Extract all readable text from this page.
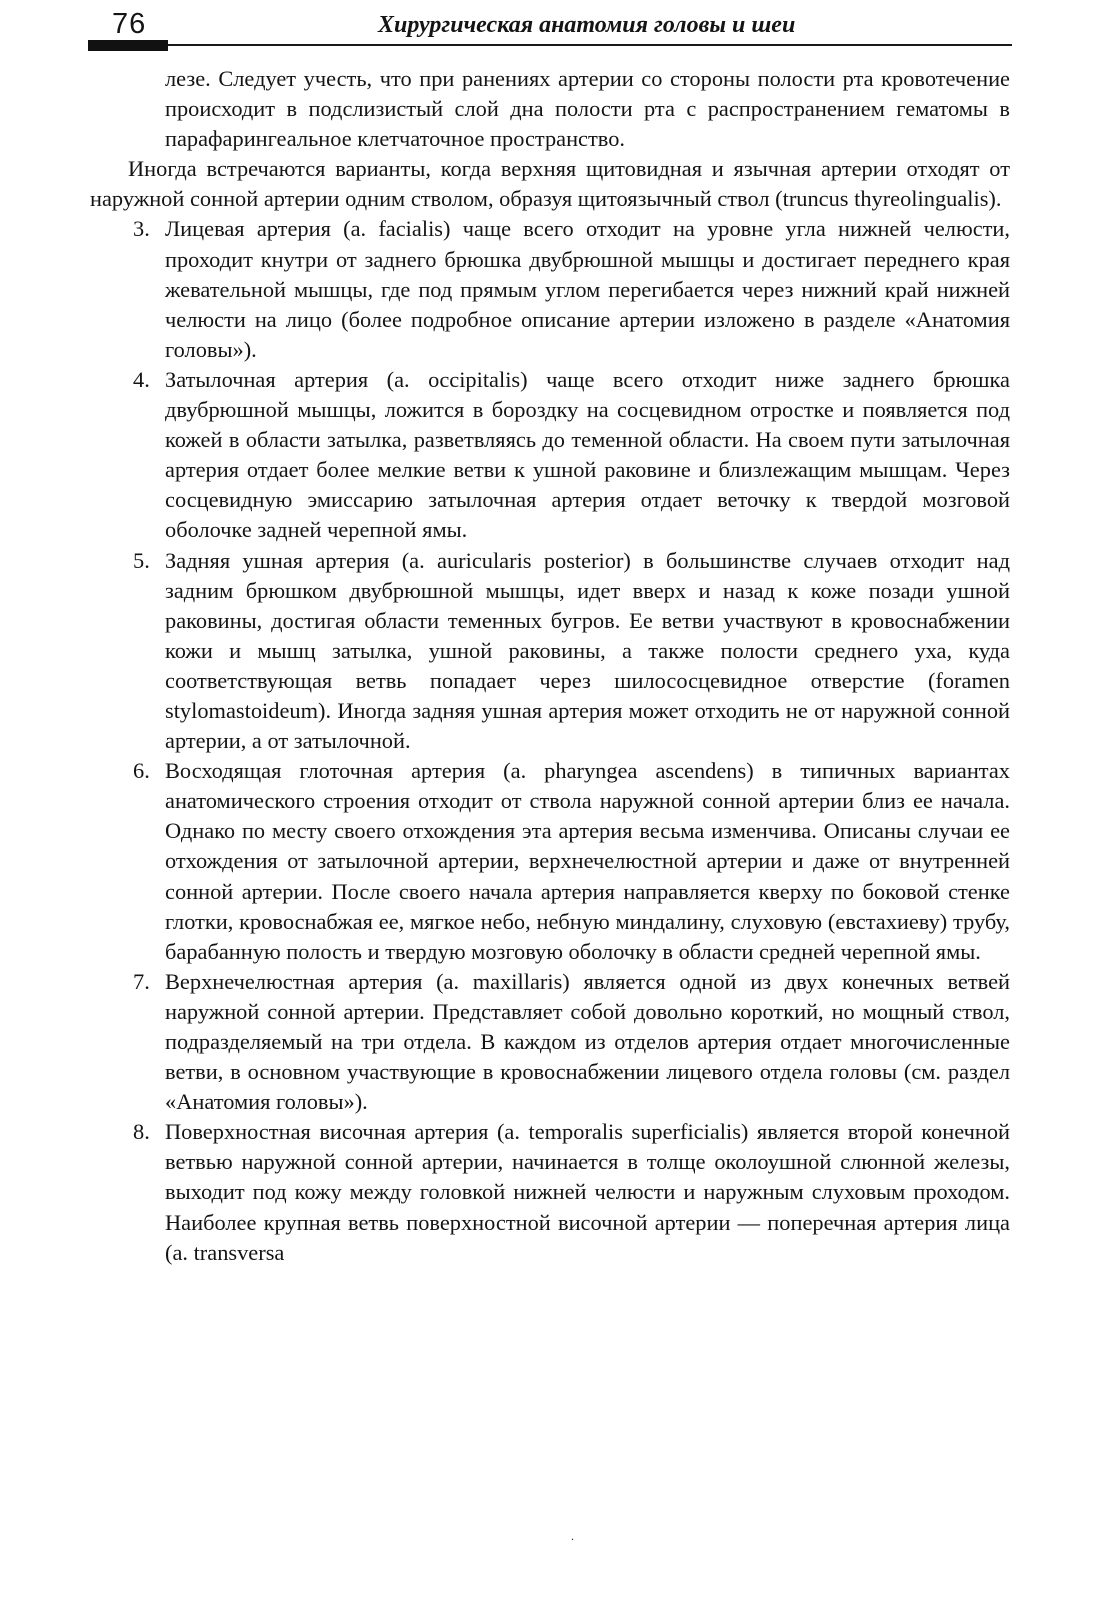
76	Хирургическая анатомия головы и шеи

лезе. Следует учесть, что при ранениях артерии со стороны полости рта кровотечение происходит в подслизистый слой дна полости рта с распространением гематомы в парафарингеальное клетчаточное пространство.

Иногда встречаются варианты, когда верхняя щитовидная и язычная артерии отходят от наружной сонной артерии одним стволом, образуя щитоязычный ствол (truncus thyreolingualis).

3. Лицевая артерия (a. facialis) чаще всего отходит на уровне угла нижней челюсти, проходит кнутри от заднего брюшка двубрюшной мышцы и достигает переднего края жевательной мышцы, где под прямым углом перегибается через нижний край нижней челюсти на лицо (более подробное описание артерии изложено в разделе «Анатомия головы»).
4. Затылочная артерия (a. occipitalis) чаще всего отходит ниже заднего брюшка двубрюшной мышцы, ложится в бороздку на сосцевидном отростке и появляется под кожей в области затылка, разветвляясь до теменной области. На своем пути затылочная артерия отдает более мелкие ветви к ушной раковине и близлежащим мышцам. Через сосцевидную эмиссарию затылочная артерия отдает веточку к твердой мозговой оболочке задней черепной ямы.
5. Задняя ушная артерия (a. auricularis posterior) в большинстве случаев отходит над задним брюшком двубрюшной мышцы, идет вверх и назад к коже позади ушной раковины, достигая области теменных бугров. Ее ветви участвуют в кровоснабжении кожи и мышц затылка, ушной раковины, а также полости среднего уха, куда соответствующая ветвь попадает через шилососцевидное отверстие (foramen stylomastoideum). Иногда задняя ушная артерия может отходить не от наружной сонной артерии, а от затылочной.
6. Восходящая глоточная артерия (a. pharyngea ascendens) в типичных вариантах анатомического строения отходит от ствола наружной сонной артерии близ ее начала. Однако по месту своего отхождения эта артерия весьма изменчива. Описаны случаи ее отхождения от затылочной артерии, верхнечелюстной артерии и даже от внутренней сонной артерии. После своего начала артерия направляется кверху по боковой стенке глотки, кровоснабжая ее, мягкое небо, небную миндалину, слуховую (евстахиеву) трубу, барабанную полость и твердую мозговую оболочку в области средней черепной ямы.
7. Верхнечелюстная артерия (a. maxillaris) является одной из двух конечных ветвей наружной сонной артерии. Представляет собой довольно короткий, но мощный ствол, подразделяемый на три отдела. В каждом из отделов артерия отдает многочисленные ветви, в основном участвующие в кровоснабжении лицевого отдела головы (см. раздел «Анатомия головы»).
8. Поверхностная височная артерия (a. temporalis superficialis) является второй конечной ветвью наружной сонной артерии, начинается в толще околоушной слюнной железы, выходит под кожу между головкой нижней челюсти и наружным слуховым проходом. Наиболее крупная ветвь поверхностной височной артерии — поперечная артерия лица (a. transversa
.
